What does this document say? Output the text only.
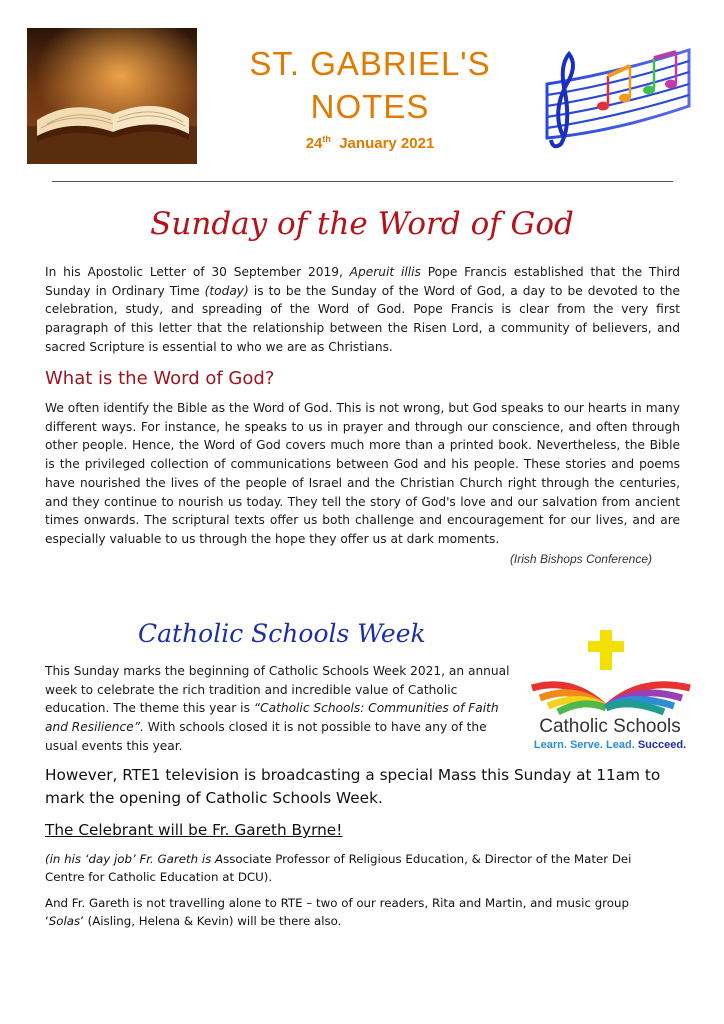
ST. GABRIEL'S
NOTES
24th January 2021
Sunday of the Word of God
In his Apostolic Letter of 30 September 2019, Aperuit illis Pope Francis established that the Third Sunday in Ordinary Time (today) is to be the Sunday of the Word of God, a day to be devoted to the celebration, study, and spreading of the Word of God. Pope Francis is clear from the very first paragraph of this letter that the relationship between the Risen Lord, a community of believers, and sacred Scripture is essential to who we are as Christians.
What is the Word of God?
We often identify the Bible as the Word of God. This is not wrong, but God speaks to our hearts in many different ways. For instance, he speaks to us in prayer and through our conscience, and often through other people. Hence, the Word of God covers much more than a printed book. Nevertheless, the Bible is the privileged collection of communications between God and his people. These stories and poems have nourished the lives of the people of Israel and the Christian Church right through the centuries, and they continue to nourish us today. They tell the story of God's love and our salvation from ancient times onwards. The scriptural texts offer us both challenge and encouragement for our lives, and are especially valuable to us through the hope they offer us at dark moments.
(Irish Bishops Conference)
Catholic Schools Week
This Sunday marks the beginning of Catholic Schools Week 2021, an annual week to celebrate the rich tradition and incredible value of Catholic education. The theme this year is “Catholic Schools: Communities of Faith and Resilience”. With schools closed it is not possible to have any of the usual events this year.
Catholic Schools
Learn. Serve. Lead. Succeed.
However, RTE1 television is broadcasting a special Mass this Sunday at 11am to mark the opening of Catholic Schools Week.
The Celebrant will be Fr. Gareth Byrne!
(in his ‘day job’ Fr. Gareth is Associate Professor of Religious Education, & Director of the Mater Dei Centre for Catholic Education at DCU).
And Fr. Gareth is not travelling alone to RTE – two of our readers, Rita and Martin, and music group ‘Solas’ (Aisling, Helena & Kevin) will be there also.
